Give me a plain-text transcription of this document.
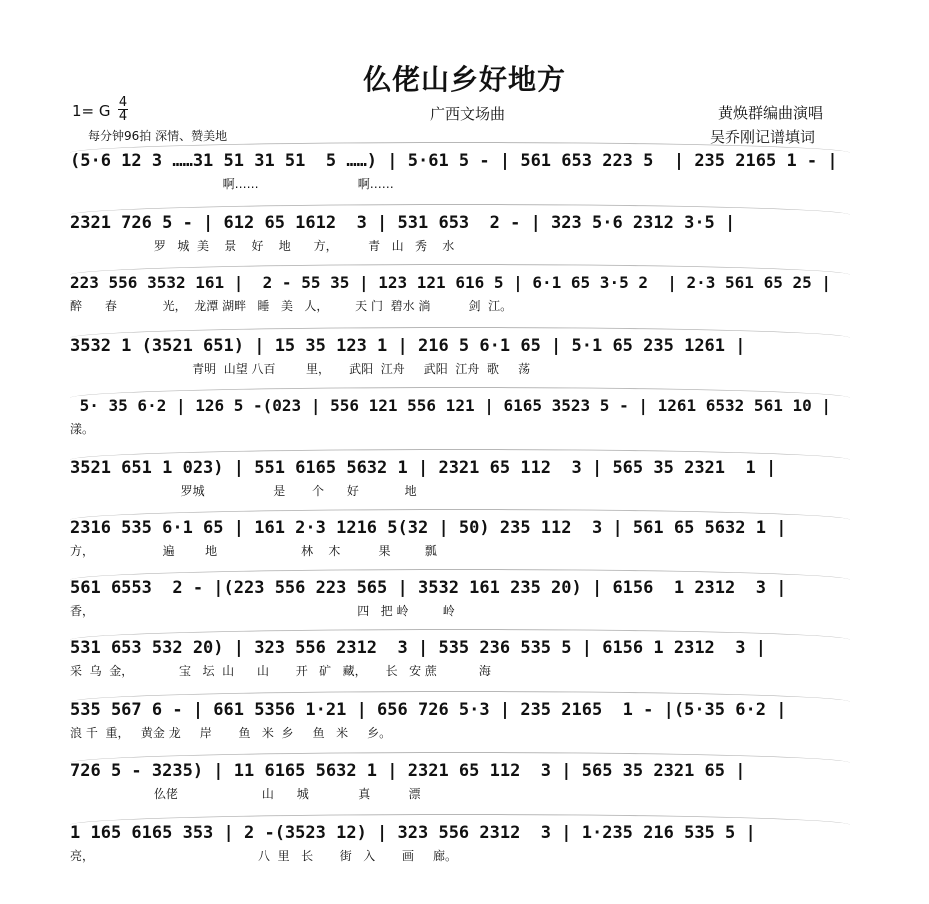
仫佬山乡好地方
1= G 4
4	广西文场曲
每分钟96拍 深情、赞美地
黄焕群编曲演唱
吴乔刚记谱填词
(5·6 12 3 ……31 51 31 51  5 ……) | 5·61 5 - | 561 653 223 5  | 235 2165 1 - |
啊……                          啊……
2321 726 5 - | 612 65 1612  3 | 531 653  2 - | 323 5·6 2312 3·5 |
罗   城  美    景    好    地      方，        青   山   秀    水
223 556 3532 161 |  2 - 55 35 | 123 121 616 5 | 6·1 65 3·5 2  | 2·3 561 65 25 |
醉      春            光，  龙潭 湖畔   睡   美   人，       天 门  碧水 淌          剑  江。
3532 1 (3521 651) | 15 35 123 1 | 216 5 6·1 65 | 5·1 65 235 1261 |
青明  山望 八百        里，     武阳  江舟     武阳  江舟  歌     荡
5· 35 6·2 | 126 5 -(023 | 556 121 556 121 | 6165 3523 5 - | 1261 6532 561 10 |
漾。
3521 651 1 023) | 551 6165 5632 1 | 2321 65 112  3 | 565 35 2321  1 |
罗城                  是       个      好            地
2316 535 6·1 65 | 161 2·3 1216 5(32 | 50) 235 112  3 | 561 65 5632 1 |
方，                  遍        地                      林    木          果         瓢
561 6553  2 - |(223 556 223 565 | 3532 161 235 20) | 6156  1 2312  3 |
香，                                                                     四   把 岭         岭
531 653 532 20) | 323 556 2312  3 | 535 236 535 5 | 6156 1 2312  3 |
采  乌  金，            宝   坛  山      山       开   矿   藏，     长   安 蔗           海
535 567 6 - | 661 5356 1·21 | 656 726 5·3 | 235 2165  1 - |(5·35 6·2 |
浪 千  重，   黄金 龙     岸       鱼   米  乡     鱼   米     乡。
726 5 - 3235) | 11 6165 5632 1 | 2321 65 112  3 | 565 35 2321 65 |
仫佬                      山      城             真          漂
1 165 6165 353 | 2 -(3523 12) | 323 556 2312  3 | 1·235 216 535 5 |
亮，                                           八  里   长       街   入       画     廊。
